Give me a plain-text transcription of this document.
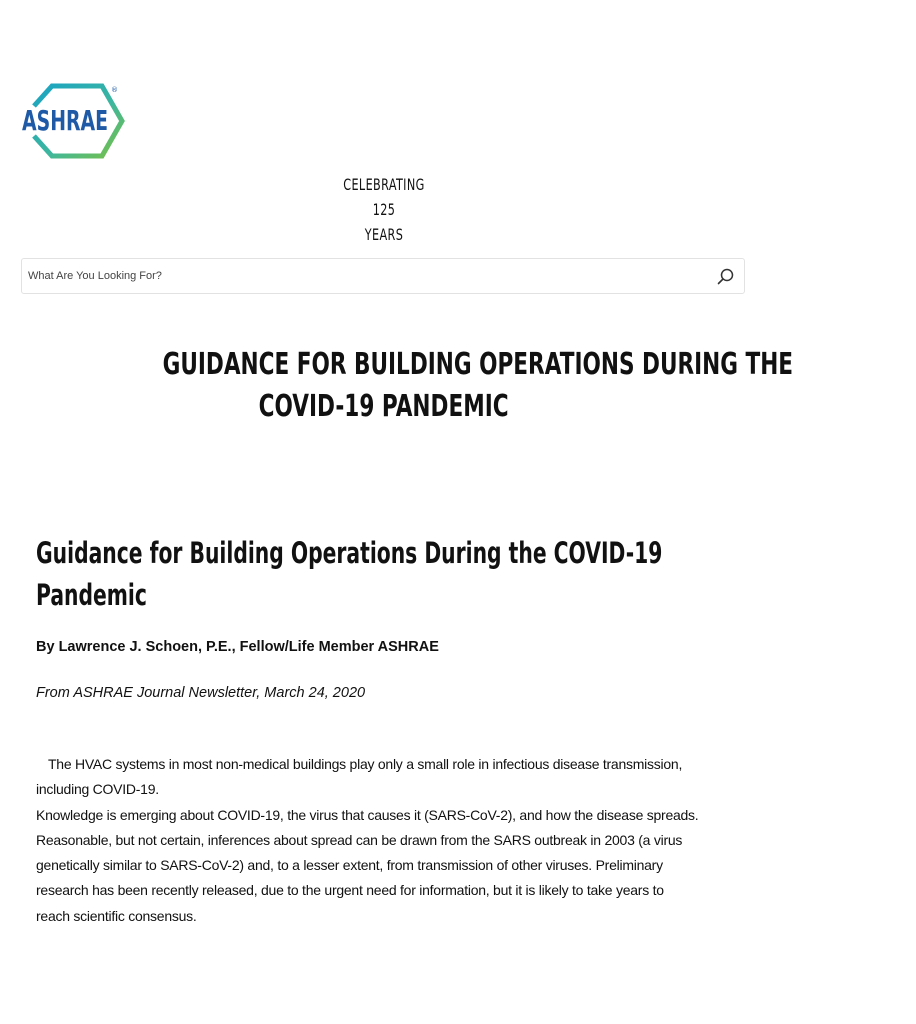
ASHRAE
®
CELEBRATING
125
YEARS
What Are You Looking For?
GUIDANCE FOR BUILDING OPERATIONS DURING THE
COVID-19 PANDEMIC
Guidance for Building Operations During the COVID-19
Pandemic
By Lawrence J. Schoen, P.E., Fellow/Life Member ASHRAE
From ASHRAE Journal Newsletter, March 24, 2020

The HVAC systems in most non-medical buildings play only a small role in infectious disease transmission,

including COVID-19.

Knowledge is emerging about COVID-19, the virus that causes it (SARS-CoV-2), and how the disease spreads.

Reasonable, but not certain, inferences about spread can be drawn from the SARS outbreak in 2003 (a virus

genetically similar to SARS-CoV-2) and, to a lesser extent, from transmission of other viruses. Preliminary

research has been recently released, due to the urgent need for information, but it is likely to take years to

reach scientific consensus.
